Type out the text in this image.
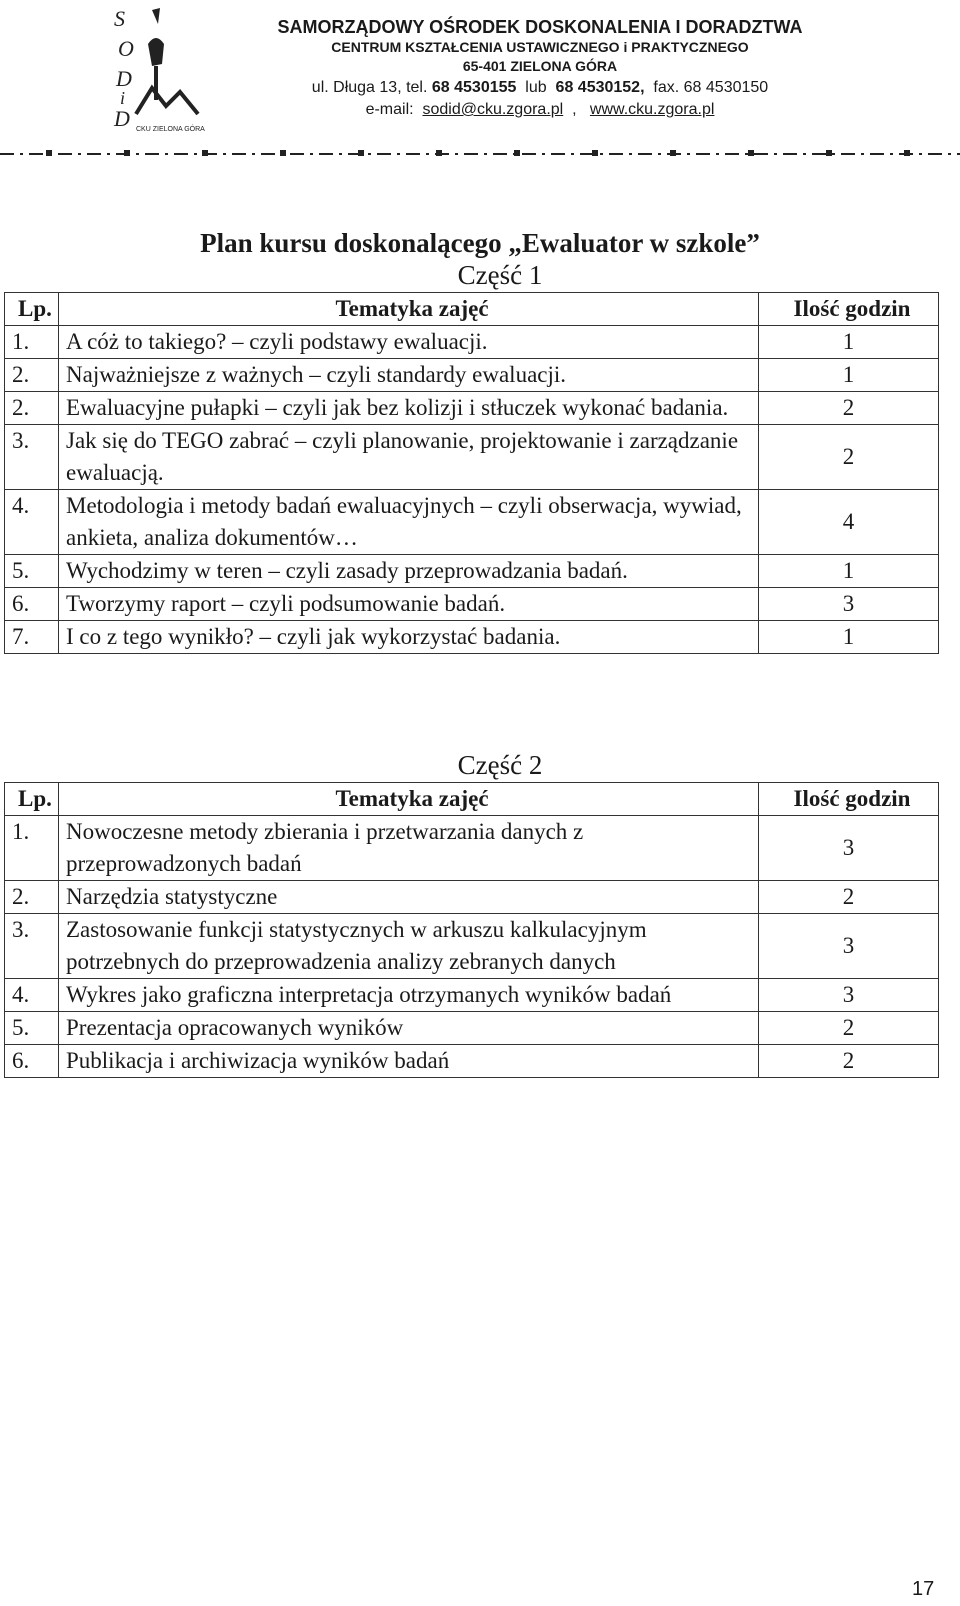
S
O
D
i
D CKU ZIELONA GÓRA
SAMORZĄDOWY OŚRODEK DOSKONALENIA I DORADZTWA
CENTRUM KSZTAŁCENIA USTAWICZNEGO i PRAKTYCZNEGO
65-401 ZIELONA GÓRA
ul. Długa 13, tel. 68 4530155 lub 68 4530152, fax. 68 4530150
e-mail: sodid@cku.zgora.pl , www.cku.zgora.pl
Plan kursu doskonalącego „Ewaluator w szkole”
Część 1
Lp.	Tematyka zajęć	Ilość godzin
1.	A cóż to takiego? – czyli podstawy ewaluacji.	1
2.	Najważniejsze z ważnych – czyli standardy ewaluacji.	1
2.	Ewaluacyjne pułapki – czyli jak bez kolizji i stłuczek wykonać badania.	2
3.	Jak się do TEGO zabrać – czyli planowanie, projektowanie i zarządzanie ewaluacją.	2
4.	Metodologia i metody badań ewaluacyjnych – czyli obserwacja, wywiad, ankieta, analiza dokumentów…	4
5.	Wychodzimy w teren – czyli zasady przeprowadzania badań.	1
6.	Tworzymy raport – czyli podsumowanie badań.	3
7.	I co z tego wynikło? – czyli jak wykorzystać badania.	1
Część 2
Lp.	Tematyka zajęć	Ilość godzin
1.	Nowoczesne metody zbierania i przetwarzania danych z przeprowadzonych badań	3
2.	Narzędzia statystyczne	2
3.	Zastosowanie funkcji statystycznych w arkuszu kalkulacyjnym potrzebnych do przeprowadzenia analizy zebranych danych	3
4.	Wykres jako graficzna interpretacja otrzymanych wyników badań	3
5.	Prezentacja opracowanych wyników	2
6.	Publikacja i archiwizacja wyników badań	2
17
